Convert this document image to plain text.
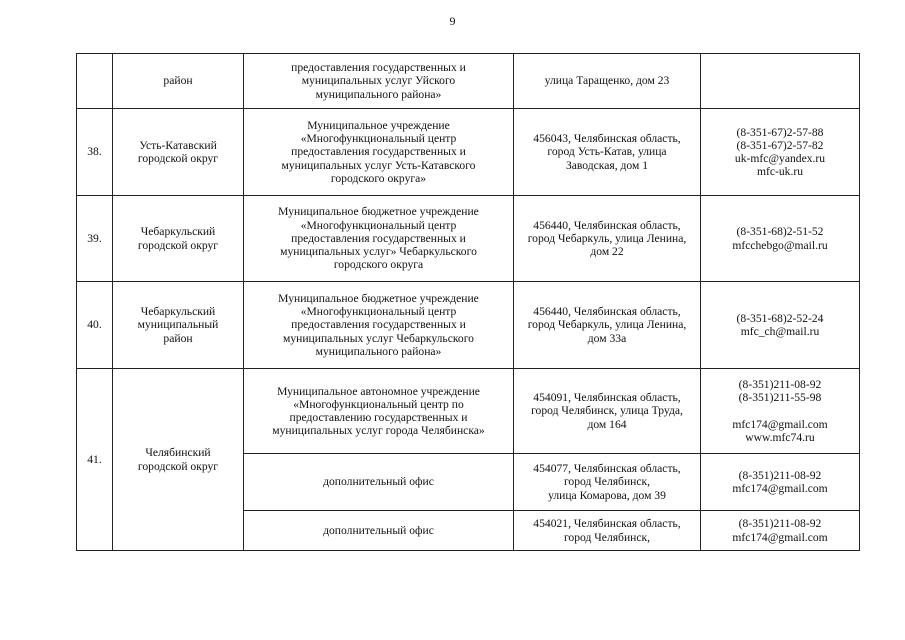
9

	район	предоставления государственных и
муниципальных услуг Уйского
муниципального района»	улица Таращенко, дом 23	

38.	Усть-Катавский
городской округ	Муниципальное учреждение
«Многофункциональный центр
предоставления государственных и
муниципальных услуг Усть-Катавского
городского округа»	456043, Челябинская область,
город Усть-Катав, улица
Заводская, дом 1	(8-351-67)2-57-88
(8-351-67)2-57-82
uk-mfc@yandex.ru
mfc-uk.ru

39.	Чебаркульский
городской округ	Муниципальное бюджетное учреждение
«Многофункциональный центр
предоставления государственных и
муниципальных услуг» Чебаркульского
городского округа	456440, Челябинская область,
город Чебаркуль, улица Ленина,
дом 22	(8-351-68)2-51-52
mfcchebgo@mail.ru

40.	Чебаркульский
муниципальный
район	Муниципальное бюджетное учреждение
«Многофункциональный центр
предоставления государственных и
муниципальных услуг Чебаркульского
муниципального района»	456440, Челябинская область,
город Чебаркуль, улица Ленина,
дом 33а	(8-351-68)2-52-24
mfc_ch@mail.ru

41.	Челябинский
городской округ	Муниципальное автономное учреждение
«Многофункциональный центр по
предоставлению государственных и
муниципальных услуг города Челябинска»	454091, Челябинская область,
город Челябинск, улица Труда,
дом 164	(8-351)211-08-92
(8-351)211-55-98
mfc174@gmail.com
www.mfc74.ru

		дополнительный офис	454077, Челябинская область,
город Челябинск,
улица Комарова, дом 39	(8-351)211-08-92
mfc174@gmail.com

		дополнительный офис	454021, Челябинская область,
город Челябинск,	(8-351)211-08-92
mfc174@gmail.com
